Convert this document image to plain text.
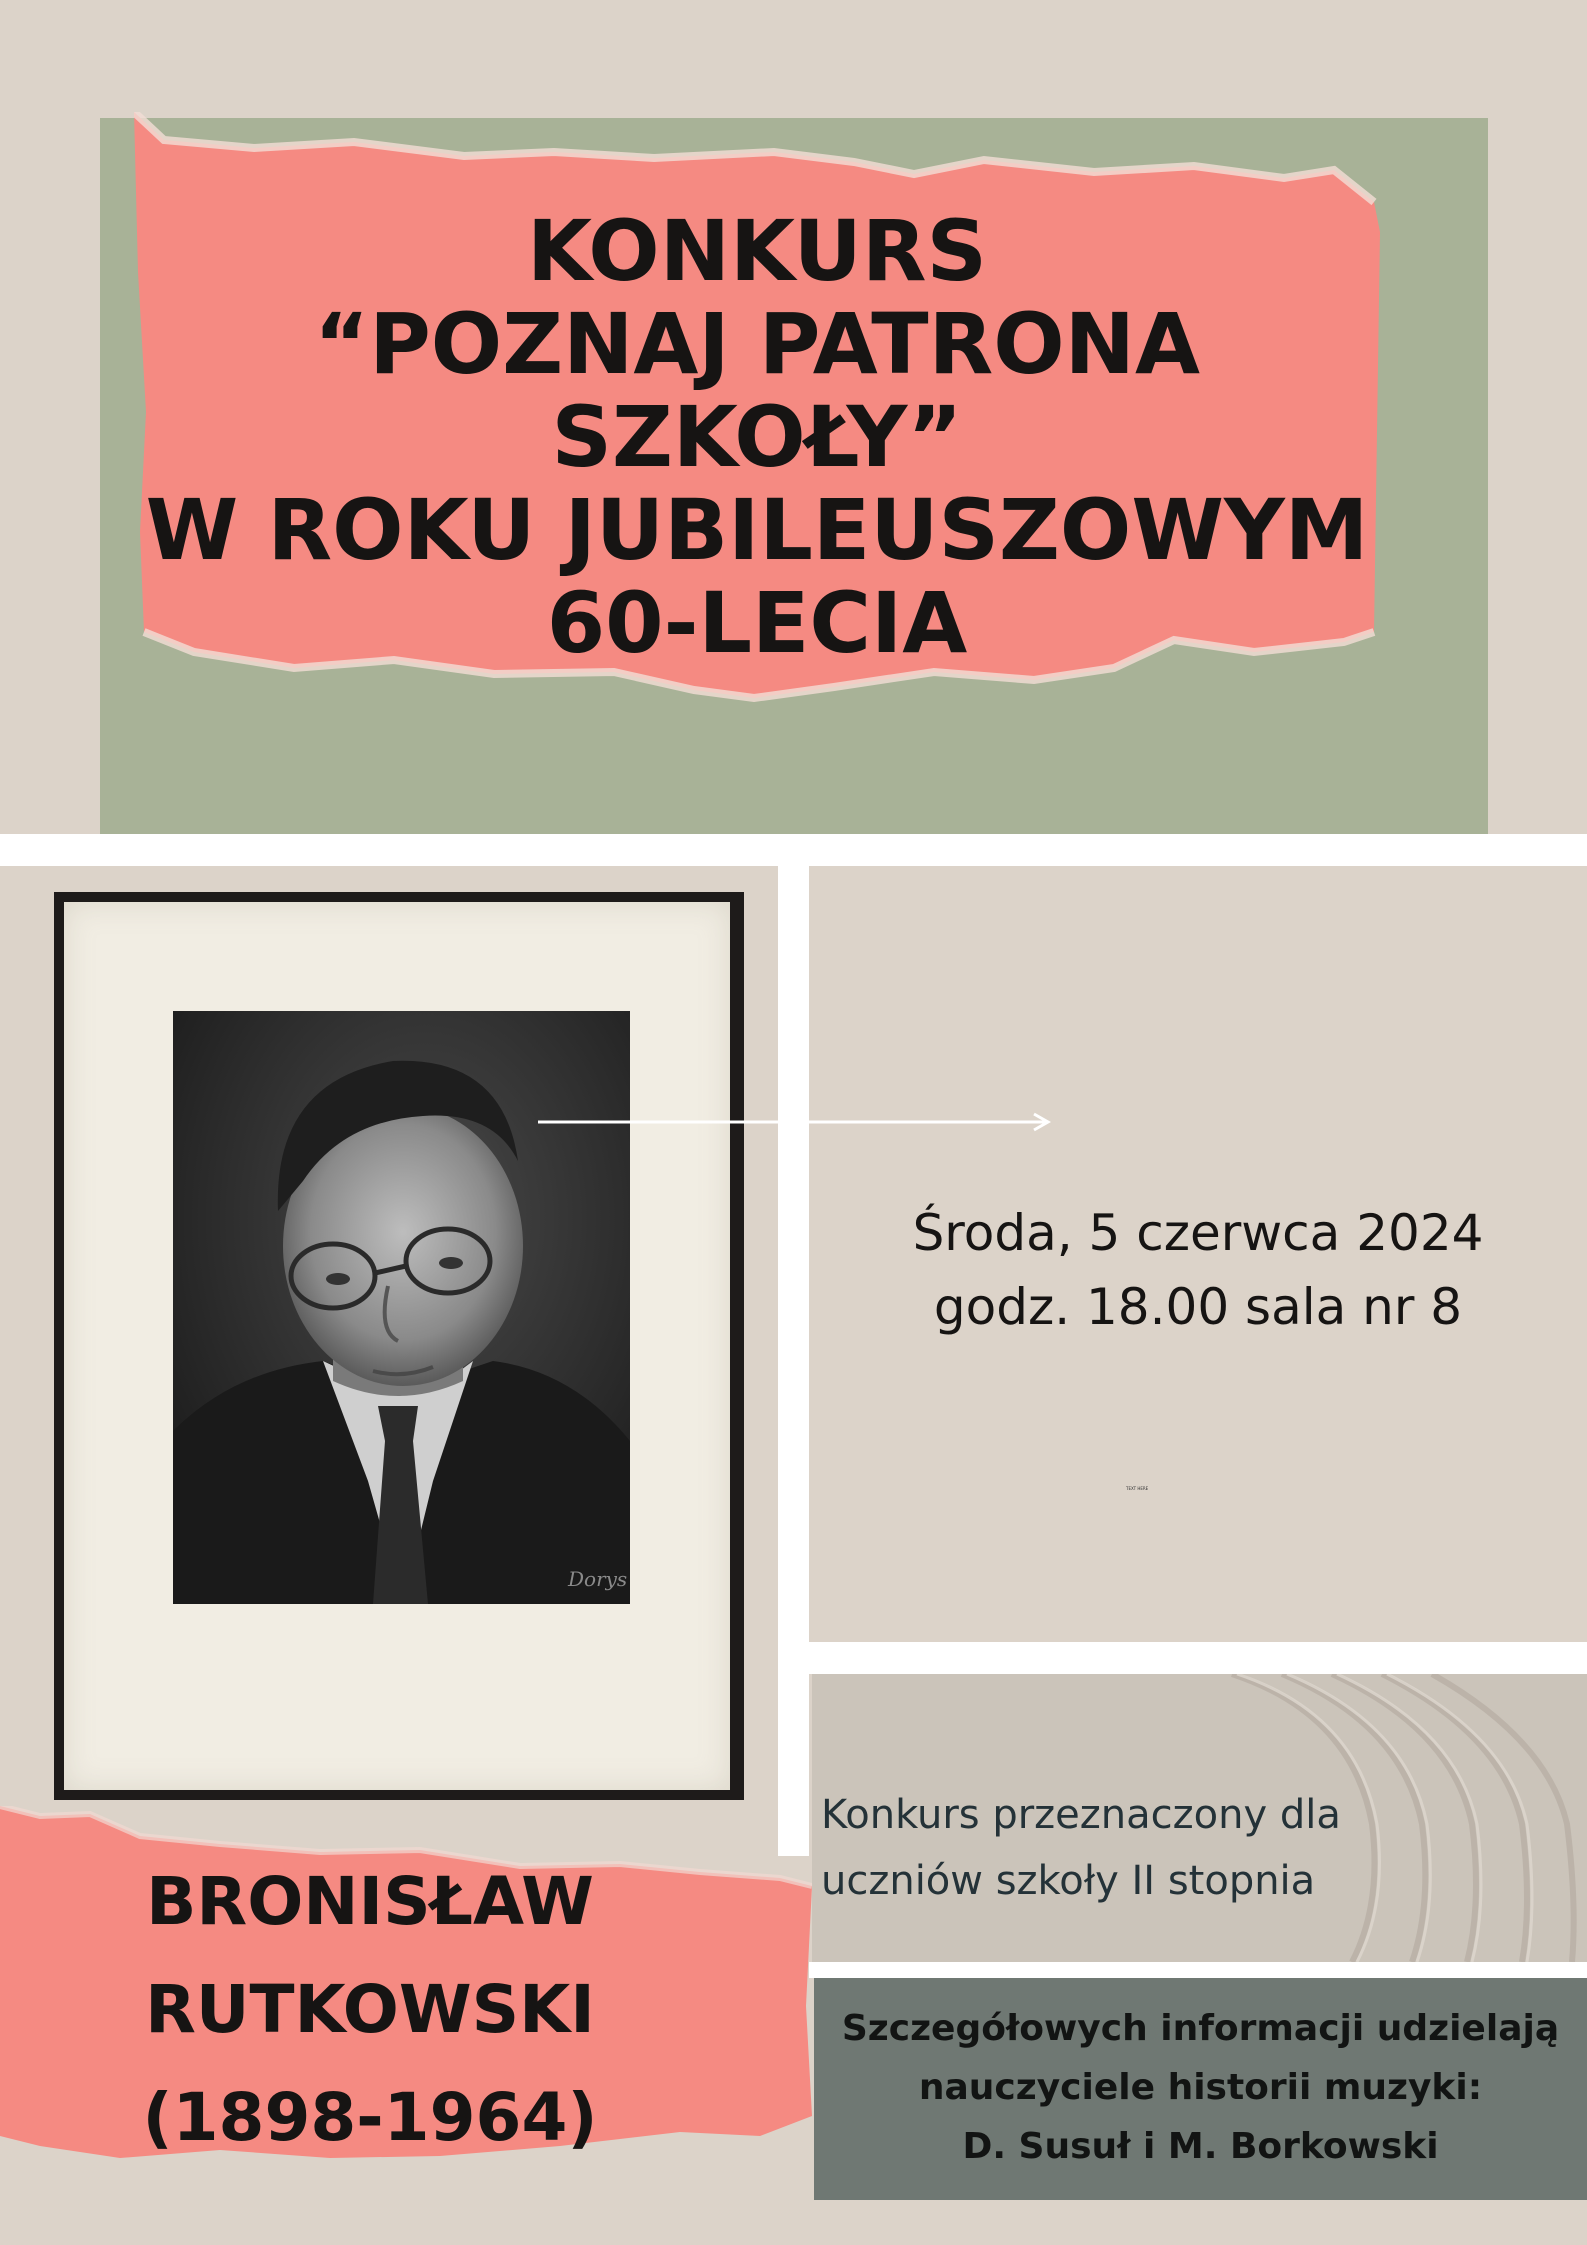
KONKURS
“POZNAJ PATRONA
SZKOŁY”
W ROKU JUBILEUSZOWYM
60-LECIA
Dorys
Środa, 5 czerwca 2024
godz. 18.00 sala nr 8
TEXT HERE
BRONISŁAW
RUTKOWSKI
(1898-1964)
Konkurs przeznaczony dla
uczniów szkoły II stopnia
Szczegółowych informacji udzielają
nauczyciele historii muzyki:
D. Susuł i M. Borkowski
